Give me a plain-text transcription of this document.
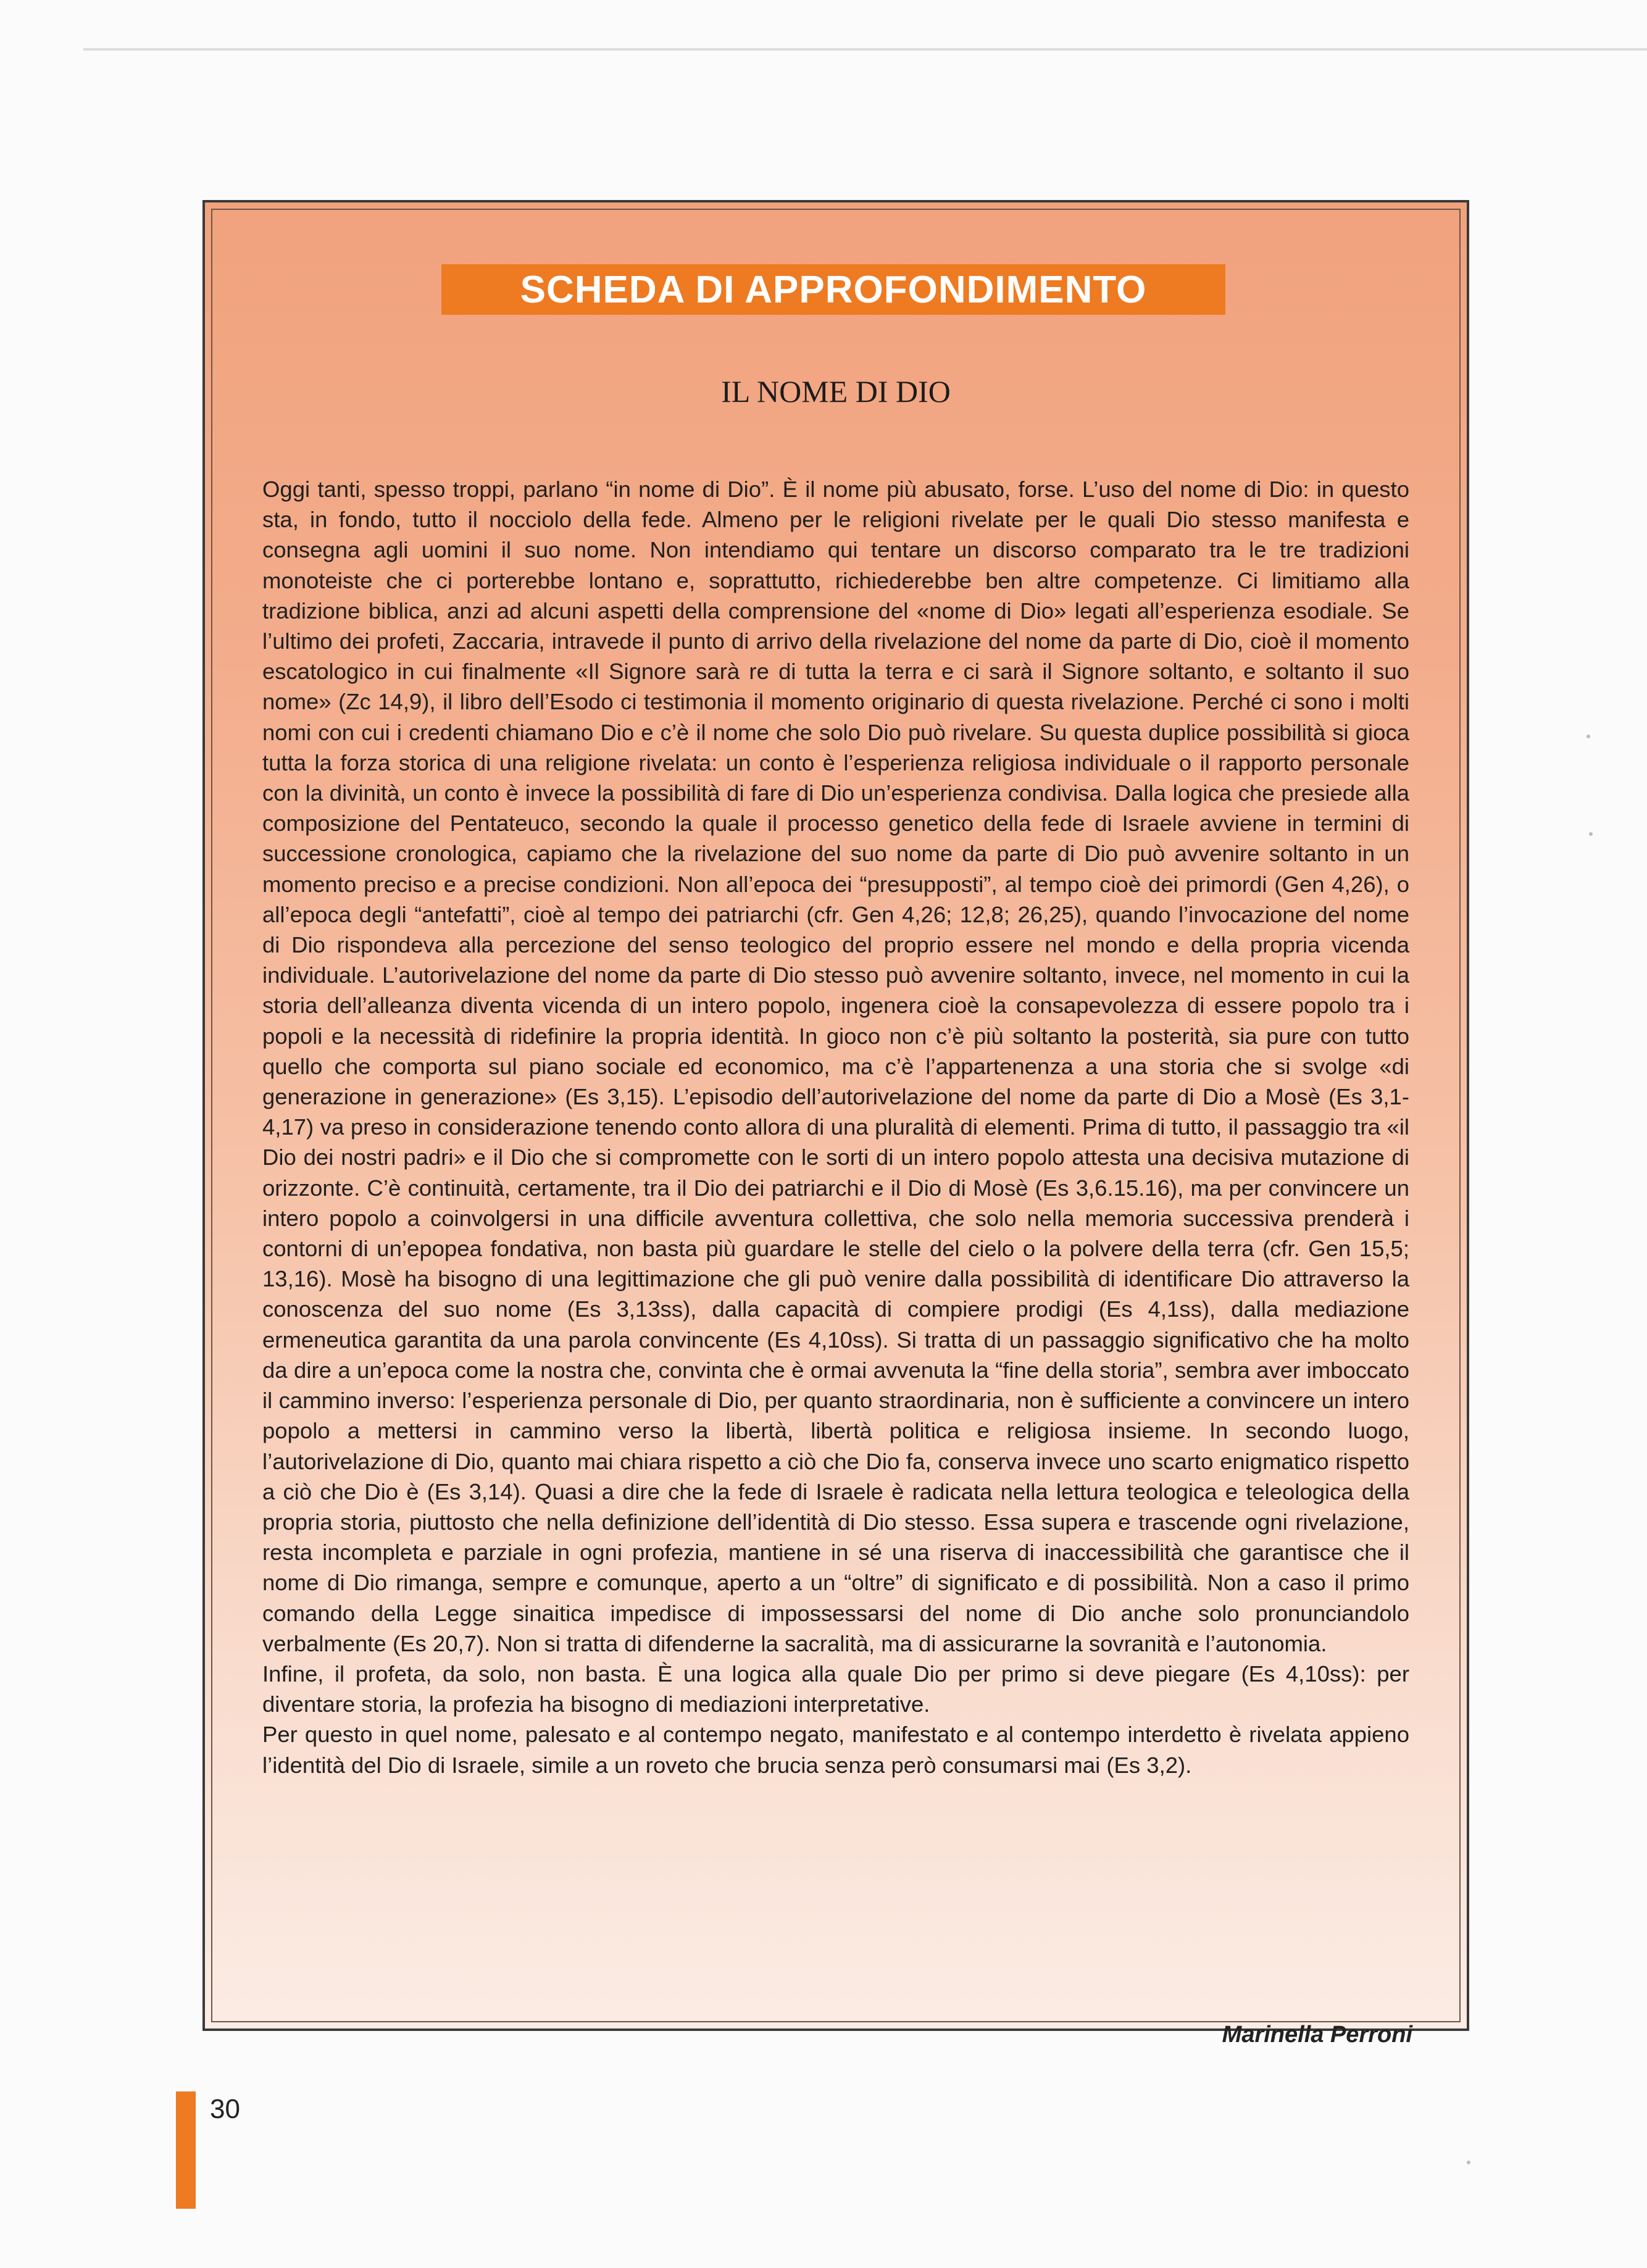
SCHEDA DI APPROFONDIMENTO
IL NOME DI DIO

Oggi tanti, spesso troppi, parlano “in nome di Dio”. È il nome più abusato, forse. L’uso del nome di Dio: in questo sta, in fondo, tutto il nocciolo della fede. Almeno per le religioni rivelate per le quali Dio stesso manifesta e consegna agli uomini il suo nome. Non intendiamo qui tentare un discorso comparato tra le tre tradizioni monoteiste che ci porterebbe lontano e, soprattutto, richiederebbe ben altre competenze. Ci limitiamo alla tradizione biblica, anzi ad alcuni aspetti della comprensione del «nome di Dio» legati all’esperienza esodiale. Se l’ultimo dei profeti, Zaccaria, intravede il punto di arrivo della rivelazione del nome da parte di Dio, cioè il momento escatologico in cui finalmente «Il Signore sarà re di tutta la terra e ci sarà il Signore soltanto, e soltanto il suo nome» (Zc 14,9), il libro dell’Esodo ci testimonia il momento originario di questa rivelazione. Perché ci sono i molti nomi con cui i credenti chiamano Dio e c’è il nome che solo Dio può rivelare. Su questa duplice possibilità si gioca tutta la forza storica di una religione rivelata: un conto è l’esperienza religiosa individuale o il rapporto personale con la divinità, un conto è invece la possibilità di fare di Dio un’esperienza condivisa. Dalla logica che presiede alla composizione del Pentateuco, secondo la quale il processo genetico della fede di Israele avviene in termini di successione cronologica, capiamo che la rivelazione del suo nome da parte di Dio può avvenire soltanto in un momento preciso e a precise condizioni. Non all’epoca dei “presupposti”, al tempo cioè dei primordi (Gen 4,26), o all’epoca degli “antefatti”, cioè al tempo dei patriarchi (cfr. Gen 4,26; 12,8; 26,25), quando l’invocazione del nome di Dio rispondeva alla percezione del senso teologico del proprio essere nel mondo e della propria vicenda individuale. L’autorivelazione del nome da parte di Dio stesso può avvenire soltanto, invece, nel momento in cui la storia dell’alleanza diventa vicenda di un intero popolo, ingenera cioè la consapevolezza di essere popolo tra i popoli e la necessità di ridefinire la propria identità. In gioco non c’è più soltanto la posterità, sia pure con tutto quello che comporta sul piano sociale ed economico, ma c’è l’appartenenza a una storia che si svolge «di generazione in generazione» (Es 3,15). L’episodio dell’autorivelazione del nome da parte di Dio a Mosè (Es 3,1-4,17) va preso in considerazione tenendo conto allora di una pluralità di elementi. Prima di tutto, il passaggio tra «il Dio dei nostri padri» e il Dio che si compromette con le sorti di un intero popolo attesta una decisiva mutazione di orizzonte. C’è continuità, certamente, tra il Dio dei patriarchi e il Dio di Mosè (Es 3,6.15.16), ma per convincere un intero popolo a coinvolgersi in una difficile avventura collettiva, che solo nella memoria successiva prenderà i contorni di un’epopea fondativa, non basta più guardare le stelle del cielo o la polvere della terra (cfr. Gen 15,5; 13,16). Mosè ha bisogno di una legittimazione che gli può venire dalla possibilità di identificare Dio attraverso la conoscenza del suo nome (Es 3,13ss), dalla capacità di compiere prodigi (Es 4,1ss), dalla mediazione ermeneutica garantita da una parola convincente (Es 4,10ss). Si tratta di un passaggio significativo che ha molto da dire a un’epoca come la nostra che, convinta che è ormai avvenuta la “fine della storia”, sembra aver imboccato il cammino inverso: l’esperienza personale di Dio, per quanto straordinaria, non è sufficiente a convincere un intero popolo a mettersi in cammino verso la libertà, libertà politica e religiosa insieme. In secondo luogo, l’autorivelazione di Dio, quanto mai chiara rispetto a ciò che Dio fa, conserva invece uno scarto enigmatico rispetto a ciò che Dio è (Es 3,14). Quasi a dire che la fede di Israele è radicata nella lettura teologica e teleologica della propria storia, piuttosto che nella definizione dell’identità di Dio stesso. Essa supera e trascende ogni rivelazione, resta incompleta e parziale in ogni profezia, mantiene in sé una riserva di inaccessibilità che garantisce che il nome di Dio rimanga, sempre e comunque, aperto a un “oltre” di significato e di possibilità. Non a caso il primo comando della Legge sinaitica impedisce di impossessarsi del nome di Dio anche solo pronunciandolo verbalmente (Es 20,7). Non si tratta di difenderne la sacralità, ma di assicurarne la sovranità e l’autonomia.

Infine, il profeta, da solo, non basta. È una logica alla quale Dio per primo si deve piegare (Es 4,10ss): per diventare storia, la profezia ha bisogno di mediazioni interpretative.

Per questo in quel nome, palesato e al contempo negato, manifestato e al contempo interdetto è rivelata appieno l’identità del Dio di Israele, simile a un roveto che brucia senza però consumarsi mai (Es 3,2).

Marinella Perroni
30
